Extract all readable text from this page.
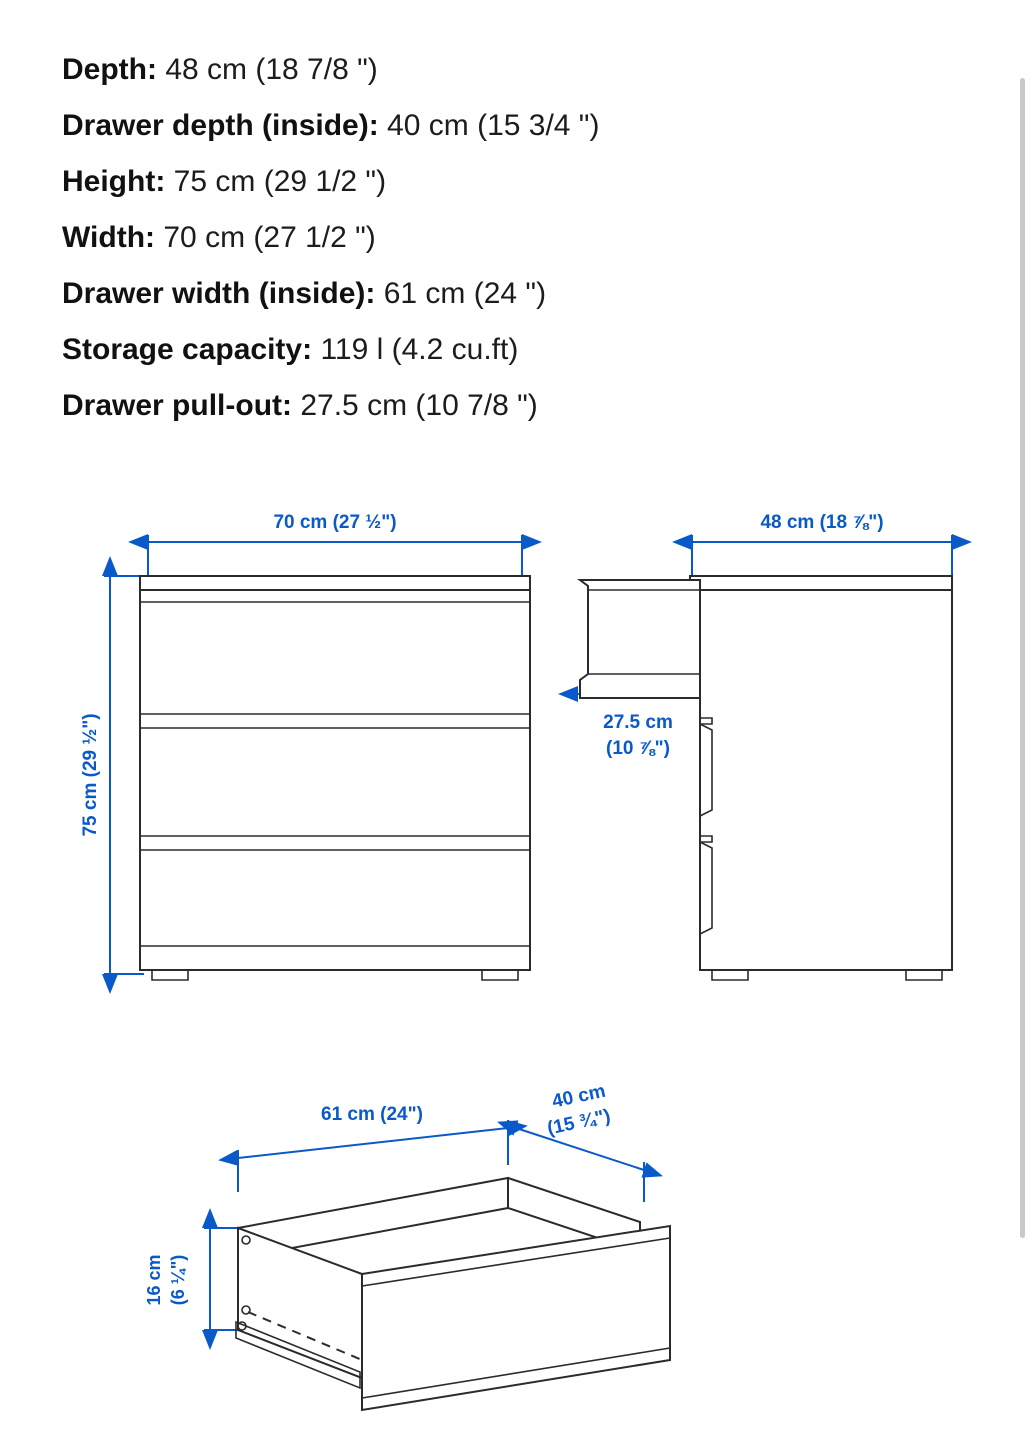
Depth: 48 cm (18 7/8 ")
Drawer depth (inside): 40 cm (15 3/4 ")
Height: 75 cm (29 1/2 ")
Width: 70 cm (27 1/2 ")
Drawer width (inside): 61 cm (24 ")
Storage capacity: 119 l (4.2 cu.ft)
Drawer pull-out: 27.5 cm (10 7/8 ")
70 cm (27 ½")
75 cm (29 ½")
48 cm (18 ⅞")
27.5 cm
(10 ⅞")
61 cm (24")
40 cm
(15 ¾")
16 cm (6 ¼")
